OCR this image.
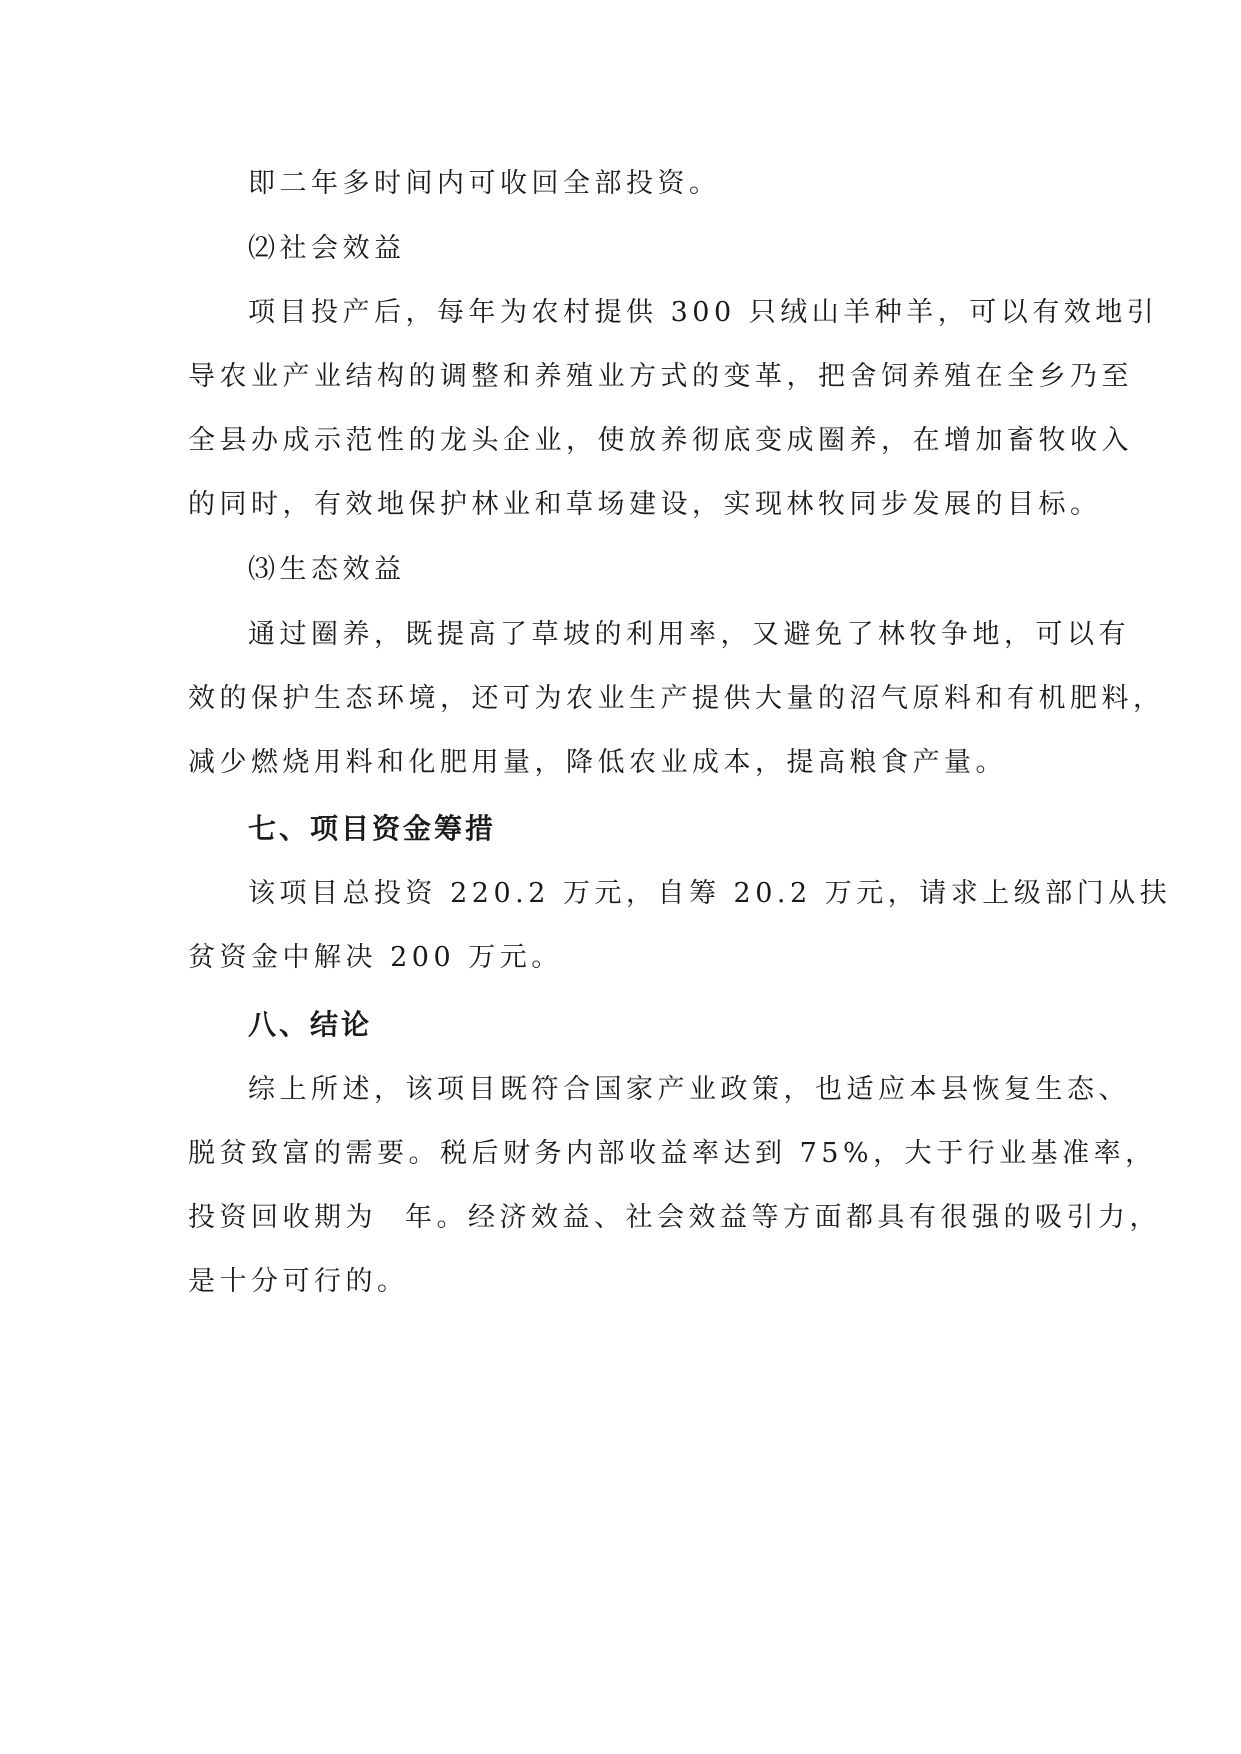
即二年多时间内可收回全部投资。
⑵社会效益
项目投产后，每年为农村提供 300 只绒山羊种羊，可以有效地引
导农业产业结构的调整和养殖业方式的变革，把舍饲养殖在全乡乃至
全县办成示范性的龙头企业，使放养彻底变成圈养，在增加畜牧收入
的同时，有效地保护林业和草场建设，实现林牧同步发展的目标。
⑶生态效益
通过圈养，既提高了草坡的利用率，又避免了林牧争地，可以有
效的保护生态环境，还可为农业生产提供大量的沼气原料和有机肥料，
减少燃烧用料和化肥用量，降低农业成本，提高粮食产量。
七、项目资金筹措
该项目总投资 220.2 万元，自筹 20.2 万元，请求上级部门从扶
贫资金中解决 200 万元。
八、结论
综上所述，该项目既符合国家产业政策，也适应本县恢复生态、
脱贫致富的需要。税后财务内部收益率达到 75%，大于行业基准率，
投资回收期为 年。经济效益、社会效益等方面都具有很强的吸引力，
是十分可行的。
